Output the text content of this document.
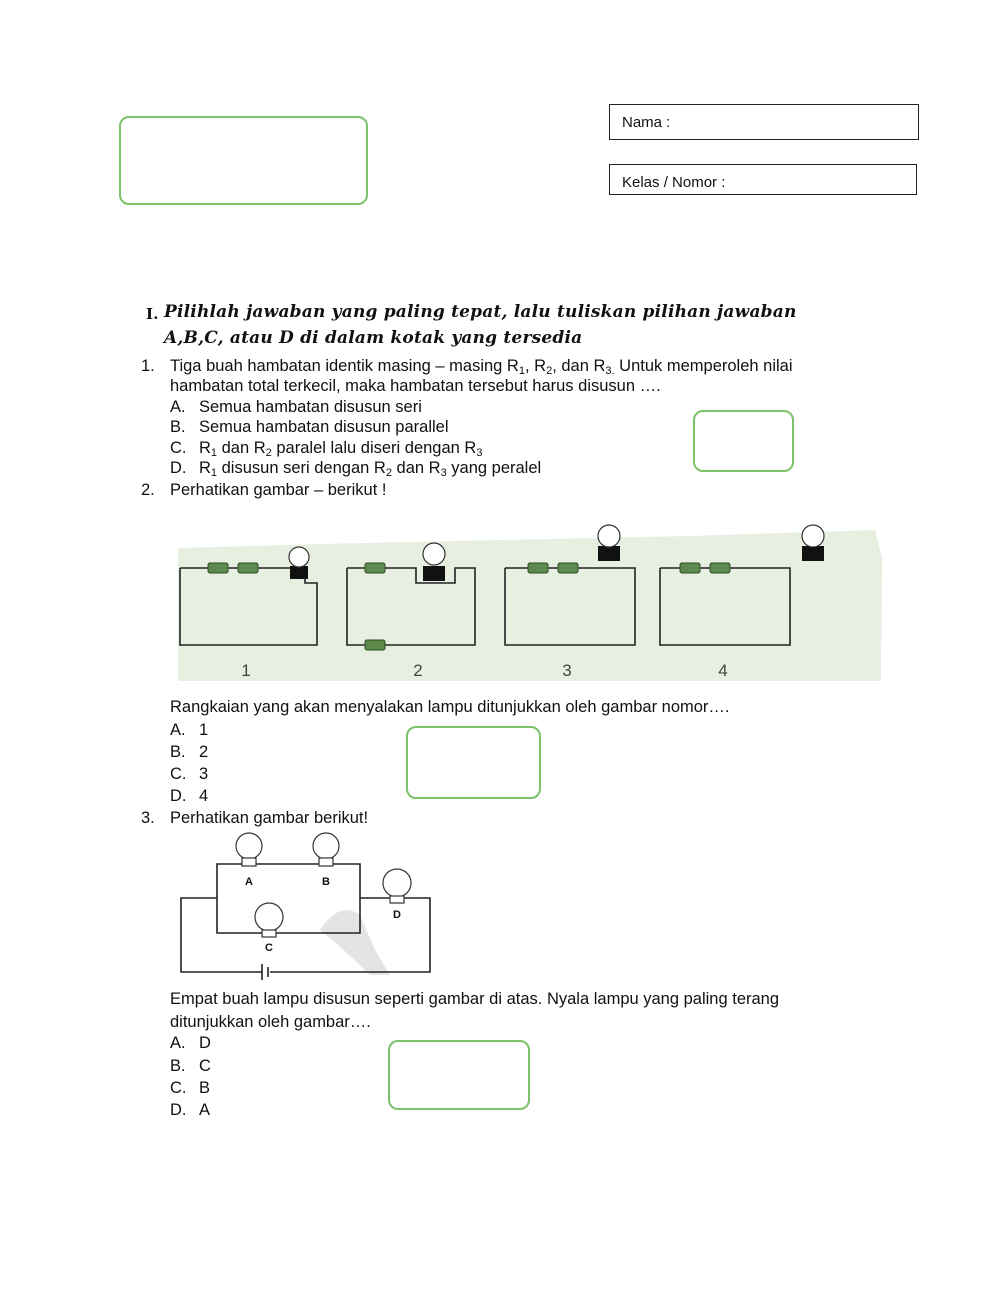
Nama :
Kelas / Nomor :
I. Pilihlah jawaban yang paling tepat, lalu tuliskan pilihan jawaban
A,B,C, atau D di dalam kotak yang tersedia
1. Tiga buah hambatan identik masing – masing $R_1$, $R_2$, dan $R_{3.}$ Untuk memperoleh nilai
hambatan total terkecil, maka hambatan tersebut harus disusun ….
A. Semua hambatan disusun seri
B. Semua hambatan disusun parallel
C. $R_1$ dan $R_2$ paralel lalu diseri dengan $R_3$
D. $R_1$ disusun seri dengan $R_2$ dan $R_3$ yang peralel
2. Perhatikan gambar – berikut !
1	2	3	4
Rangkaian yang akan menyalakan lampu ditunjukkan oleh gambar nomor….
A. 1
B. 2
C. 3
D. 4
3. Perhatikan gambar berikut!
A	B
C
D
Empat buah lampu disusun seperti gambar di atas. Nyala lampu yang paling terang
ditunjukkan oleh gambar….
A. D
B. C
C. B
D. A
